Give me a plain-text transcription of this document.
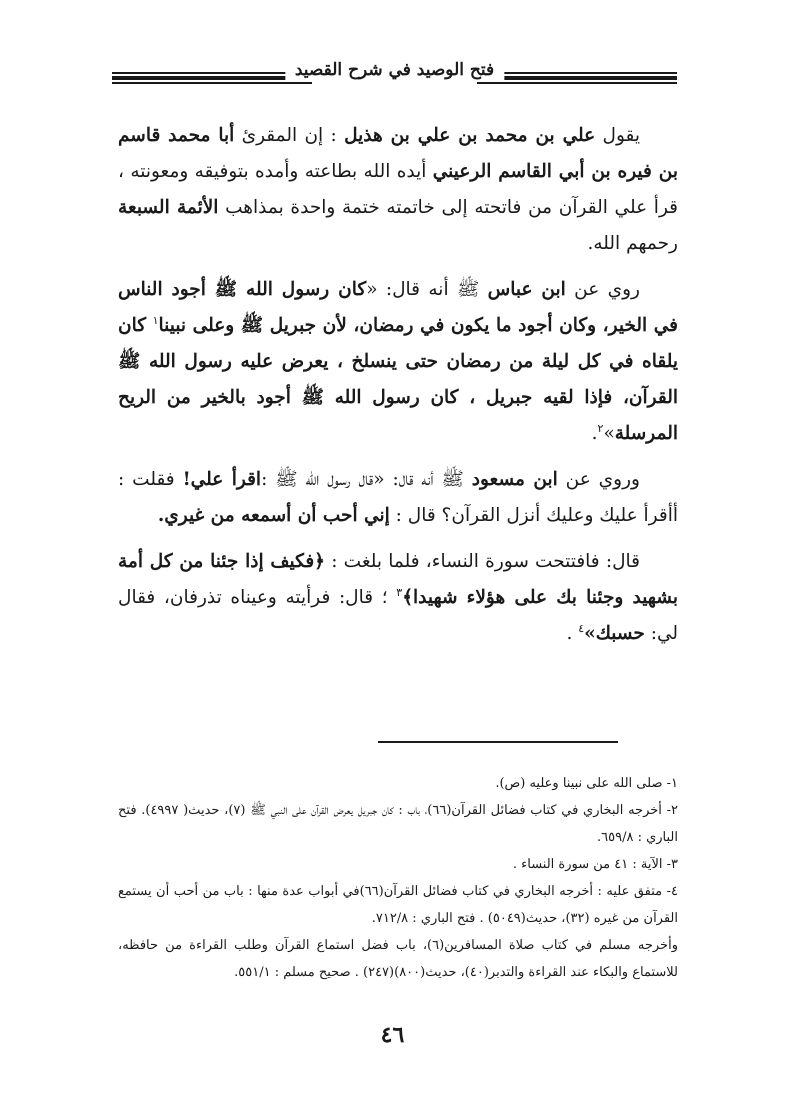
فتح الوصيد في شرح القصيد

يقول علي بن محمد بن علي بن هذيل : إن المقرئ أبا محمد قاسم بن فيره بن أبي القاسم الرعيني أيده الله بطاعته وأمده بتوفيقه ومعونته ، قرأ علي القرآن من فاتحته إلى خاتمته ختمة واحدة بمذاهب الأئمة السبعة رحمهم الله.

روي عن ابن عباس ﷺ أنه قال: «كان رسول الله ﷺ أجود الناس في الخير، وكان أجود ما يكون في رمضان، لأن جبريل ﷺ وعلى نبينا$^١$ كان يلقاه في كل ليلة من رمضان حتى ينسلخ ، يعرض عليه رسول الله ﷺ القرآن، فإذا لقيه جبريل ، كان رسول الله ﷺ أجود بالخير من الريح المرسلة»$^٢$.

وروي عن ابن مسعود ﷺ أنه قال: «قال رسول الله ﷺ :اقرأ علي! فقلت : أأقرأ عليك وعليك أنزل القرآن؟ قال : إني أحب أن أسمعه من غيري.

قال: فافتتحت سورة النساء، فلما بلغت : ﴿فكيف إذا جئنا من كل أمة بشهيد وجئنا بك على هؤلاء شهيدا﴾$^٣$ ؛ قال: فرأيته وعيناه تذرفان، فقال لي: حسبك»$^٤$ .

١- صلى الله على نبينا وعليه (ص).
٢- أخرجه البخاري في كتاب فضائل القرآن(٦٦)، باب : كان جبريل يعرض القرآن على النبي ﷺ (٧)، حديث( ٤٩٩٧). فتح الباري : ٦٥٩/٨.
٣- الآية : ٤١ من سورة النساء .
٤- متفق عليه : أخرجه البخاري في كتاب فضائل القرآن(٦٦)في أبواب عدة منها : باب من أحب أن يستمع القرآن من غيره (٣٢)، حديث(٥٠٤٩) . فتح الباري : ٧١٢/٨.
وأخرجه مسلم في كتاب صلاة المسافرين(٦)، باب فضل استماع القرآن وطلب القراءة من حافظه، للاستماع والبكاء عند القراءة والتدبر(٤٠)، حديث(٨٠٠)(٢٤٧) . صحيح مسلم : ٥٥١/١.
٤٦
